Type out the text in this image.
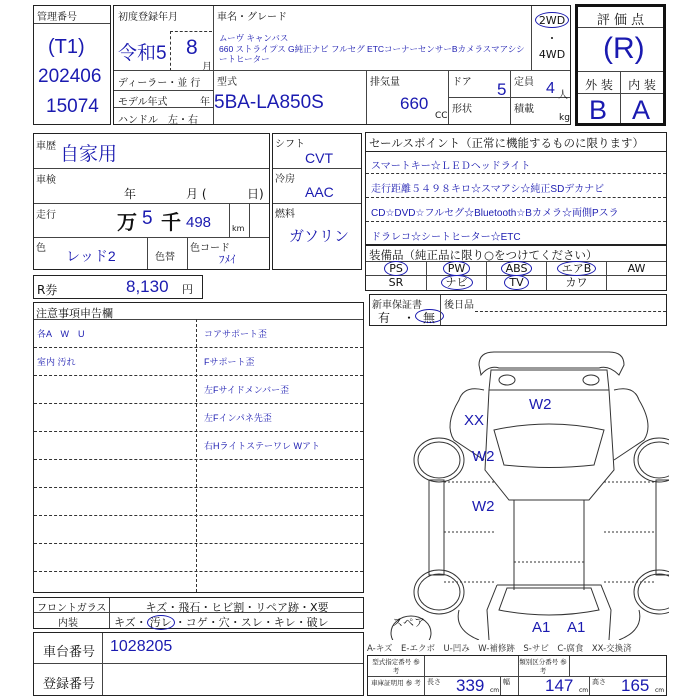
管理番号
(T1)
202406
15074
初度登録年月
令和5 8
月
ディーラー・並 行
モデル年式	年
ハンドル　左・右
車名・グレード
ムーヴ キャンバス
660 ストライプス G純正ナビ フルセグ ETCコーナーセンサーBカメラスマアシシートヒーター
2WD
・
4WD
型式
5BA-LA850S
排気量
660
CC
ドア 5
形状
定員 4 人
積載
kg
評 価 点
(R)
外 装	内 装
B A
車歴 自家用
車検
年	月 (	日)
走行	万 5 千 498	km
色 レッド2	色替
色コード
ﾌﾒｲ
シフト
CVT
冷房
AAC
燃料
ガソリン
セールスポイント（正常に機能するものに限ります）
スマートキー☆ＬＥＤヘッドライト
走行距離５４９８キロ☆スマアシ☆純正SDデカナビ
CD☆DVD☆フルセグ☆Bluetooth☆Bカメラ☆両側Pスラ
ドラレコ☆シートヒーター☆ETC
装備品（純正品に限り○をつけてください）
PS	PW	ABS	エアB	AW
SR	ナビ	TV	カワ
R券	8,130 円
注意事項申告欄
各A　W　U
室内 汚れ
コアサポート歪
Fサポート歪
左Fサイドメンバー歪
左Fインパネ先歪
右Hライトステーワレ Wアト
新車保証書
有 ・ 無
後日品
W2
XX
W2
W2
A1 A1
スペア
フロントガラス	キズ・飛石・ヒビ割・リペア跡・X要
内装	キズ・ 汚レ ・コゲ・穴・スレ・キレ・破レ
車台番号 1028205
登録番号
A-キズ　E-エクボ　U-凹み　W-補修跡　S-サビ　C-腐食　XX-交換済
型式指定番号 参 考
類別区分番号 参 考
車庫証明用 参 考 長さ 339 cm
幅 147 cm
高さ 165 cm
